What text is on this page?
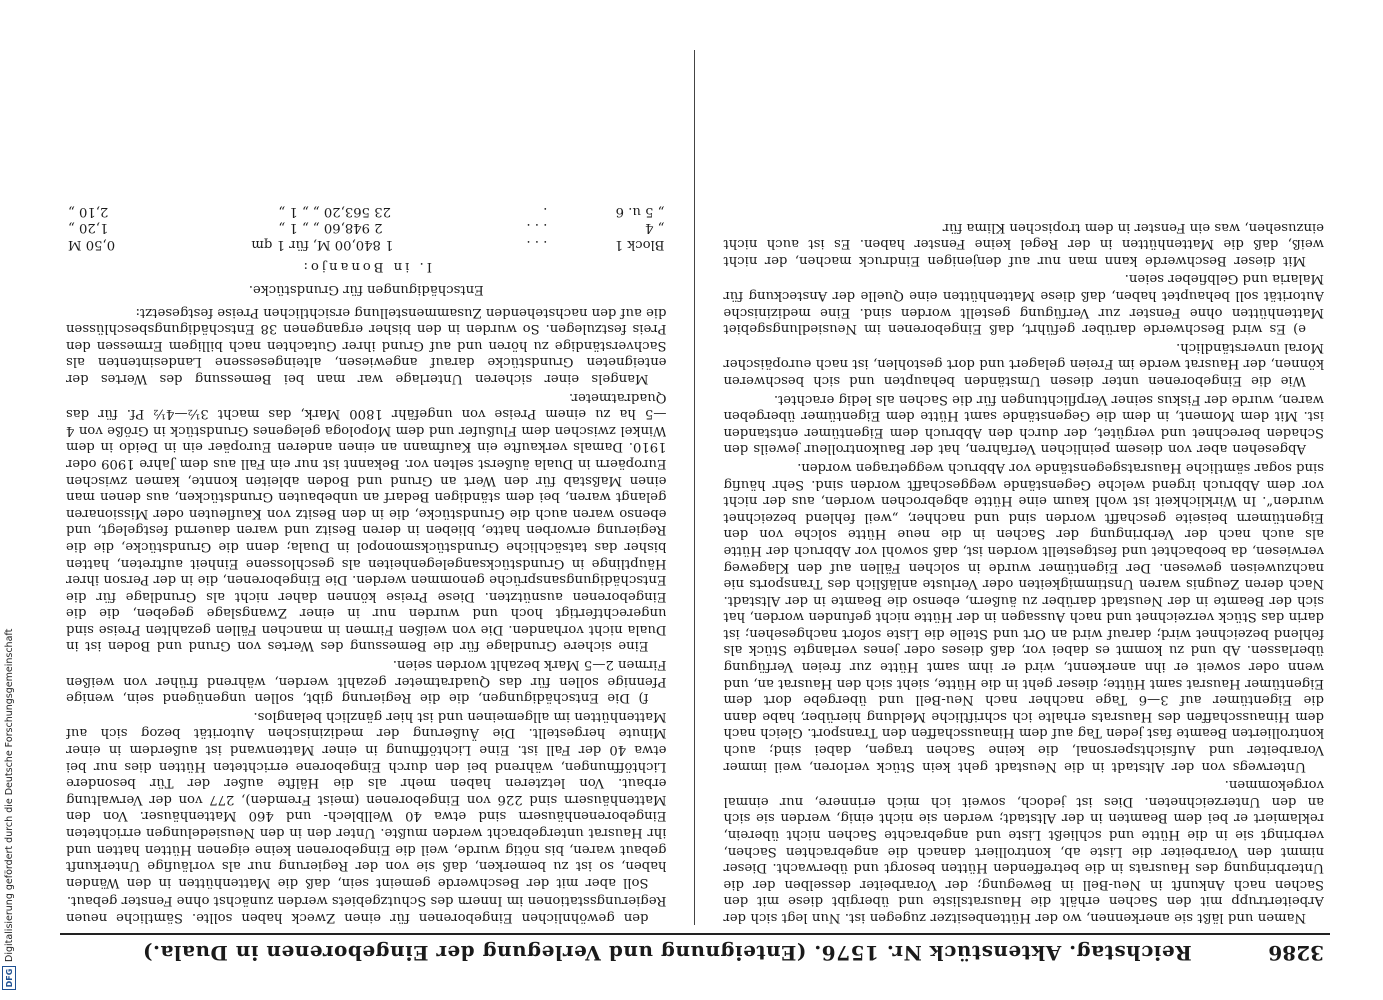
DFG
Digitalisierung gefördert durch die Deutsche Forschungsgemeinschaft	3286
Reichstag. Aktenstück Nr. 1576. (Enteignung und Verlegung der Eingeborenen in Duala.)

Namen und läßt sie anerkennen, wo der Hüttenbesitzer zugegen ist. Nun legt sich der Arbeitertrupp mit den Sachen erhält die Hausratsliste und übergibt diese mit den Sachen nach Ankunft in Neu-Bell in Bewegung; der Vorarbeiter desselben der die Unterbringung des Hausrats in die betreffenden Hütten besorgt und überwacht. Dieser nimmt den Vorarbeiter die Liste ab, kontrolliert danach die angebrachten Sachen, verbringt sie in die Hütte und schließt Liste und angebrachte Sachen nicht überein, reklamiert er bei dem Beamten in der Altstadt; werden sie nicht einig, werden sie sich an den Unterzeichneten. Dies ist jedoch, soweit ich mich erinnere, nur einmal vorgekommen.

Unterwegs von der Altstadt in die Neustadt geht kein Stück verloren, weil immer Vorarbeiter und Aufsichtspersonal, die keine Sachen tragen, dabei sind; auch kontrollierten Beamte fast jeden Tag auf dem Hinausschaffen den Transport. Gleich nach dem Hinausschaffen des Hausrats erhalte ich schriftliche Meldung hierüber, habe dann die Eigentümer auf 3—6 Tage nachher nach Neu-Bell und übergebe dort dem Eigentümer Hausrat samt Hütte; dieser geht in die Hütte, sieht sich den Hausrat an, und wenn oder soweit er ihn anerkennt, wird er ihm samt Hütte zur freien Verfügung überlassen. Ab und zu kommt es dabei vor, daß dieses oder jenes verlangte Stück als fehlend bezeichnet wird; darauf wird an Ort und Stelle die Liste sofort nachgesehen; ist darin das Stück verzeichnet und nach Aussagen in der Hütte nicht gefunden worden, hat sich der Beamte in der Neustadt darüber zu äußern, ebenso die Beamte in der Altstadt. Nach deren Zeugnis waren Unstimmigkeiten oder Verluste anläßlich des Transports nie nachzuweisen gewesen. Der Eigentümer wurde in solchen Fällen auf den Klageweg verwiesen, da beobachtet und festgestellt worden ist, daß sowohl vor Abbruch der Hütte als auch nach der Verbringung der Sachen in die neue Hütte solche von den Eigentümern beiseite geschafft worden sind und nachher, „weil fehlend bezeichnet wurden“. In Wirklichkeit ist wohl kaum eine Hütte abgebrochen worden, aus der nicht vor dem Abbruch irgend welche Gegenstände weggeschafft worden sind. Sehr häufig sind sogar sämtliche Hausratsgegenstände vor Abbruch weggetragen worden.

Abgesehen aber von diesem peinlichen Verfahren, hat der Baukontrolleur jeweils den Schaden berechnet und vergütet, der durch den Abbruch dem Eigentümer entstanden ist. Mit dem Moment, in dem die Gegenstände samt Hütte dem Eigentümer übergeben waren, wurde der Fiskus seiner Verpflichtungen für die Sachen als ledig erachtet.

Wie die Eingeborenen unter diesen Umständen behaupten und sich beschweren können, der Hausrat werde im Freien gelagert und dort gestohlen, ist nach europäischer Moral unverständlich.

e) Es wird Beschwerde darüber geführt, daß Eingeborenen im Neusiedlungsgebiet Mattenhütten ohne Fenster zur Verfügung gestellt worden sind. Eine medizinische Autorität soll behauptet haben, daß diese Mattenhütten eine Quelle der Ansteckung für Malaria und Gelbfieber seien.

Mit dieser Beschwerde kann man nur auf denjenigen Eindruck machen, der nicht weiß, daß die Mattenhütten in der Regel keine Fenster haben. Es ist auch nicht einzusehen, was ein Fenster in dem tropischen Klima für

den gewöhnlichen Eingeborenen für einen Zweck haben sollte. Sämtliche neuen Regierungsstationen im Innern des Schutzgebiets werden zunächst ohne Fenster gebaut.

Soll aber mit der Beschwerde gemeint sein, daß die Mattenhütten in den Wänden haben, so ist zu bemerken, daß sie von der Regierung nur als vorläufige Unterkunft gebaut waren, bis nötig wurde, weil die Eingeborenen keine eigenen Hütten hatten und ihr Hausrat untergebracht werden mußte. Unter den in den Neusiedelungen errichteten Eingeborenenhäusern sind etwa 40 Wellblech- und 460 Mattenhäuser. Von den Mattenhäusern sind 226 von Eingeborenen (meist Fremden), 277 von der Verwaltung erbaut. Von letzteren haben mehr als die Hälfte außer der Tür besondere Lichtöffnungen, während bei den durch Eingeborene errichteten Hütten dies nur bei etwa 40 der Fall ist. Eine Lichtöffnung in einer Mattenwand ist außerdem in einer Minute hergestellt. Die Äußerung der medizinischen Autorität bezog sich auf Mattenhütten im allgemeinen und ist hier gänzlich belanglos.

f) Die Entschädigungen, die die Regierung gibt, sollen ungenügend sein, wenige Pfennige sollen für das Quadratmeter gezahlt werden, während früher von weißen Firmen 2—5 Mark bezahlt worden seien.

Eine sichere Grundlage für die Bemessung des Wertes von Grund und Boden ist in Duala nicht vorhanden. Die von weißen Firmen in manchen Fällen gezahlten Preise sind ungerechtfertigt hoch und wurden nur in einer Zwangslage gegeben, die die Eingeborenen ausnützten. Diese Preise können daher nicht als Grundlage für die Entschädigungsansprüche genommen werden. Die Eingeborenen, die in der Person ihrer Häuptlinge in Grundstücksangelegenheiten als geschlossene Einheit auftreten, hatten bisher das tatsächliche Grundstücksmonopol in Duala; denn die Grundstücke, die die Regierung erworben hatte, blieben in deren Besitz und waren dauernd festgelegt, und ebenso waren auch die Grundstücke, die in den Besitz von Kaufleuten oder Missionaren gelangt waren, bei dem ständigen Bedarf an unbebauten Grundstücken, aus denen man einen Maßstab für den Wert an Grund und Boden ableiten konnte, kamen zwischen Europäern in Duala äußerst selten vor. Bekannt ist nur ein Fall aus dem Jahre 1909 oder 1910. Damals verkaufte ein Kaufmann an einen anderen Europäer ein in Deido in dem Winkel zwischen dem Flußufer und dem Mopologa gelegenes Grundstück in Größe von 4—5 ha zu einem Preise von ungefähr 1800 Mark, das macht 3½—4½ Pf. für das Quadratmeter.

Mangels einer sicheren Unterlage war man bei Bemessung des Wertes der enteigneten Grundstücke darauf angewiesen, alteingesessene Landesintenten als Sachverständige zu hören und auf Grund ihrer Gutachten nach billigem Ermessen den Preis festzulegen. So wurden in den bisher ergangenen 38 Entschädigungsbeschlüssen die auf den nachstehenden Zusammenstellung ersichtlichen Preise festgesetzt:

Entschädigungen für Grundstücke.

I. in Bonanjo:

Block 1	. . .	1 840,00 M,	für 1 qm	0,50 M
„ 4	. . .	2 948,60 „	„ 1 „	1,20 „
„ 5 u. 6	.	23 563,20 „	„ 1 „	2,10 „
